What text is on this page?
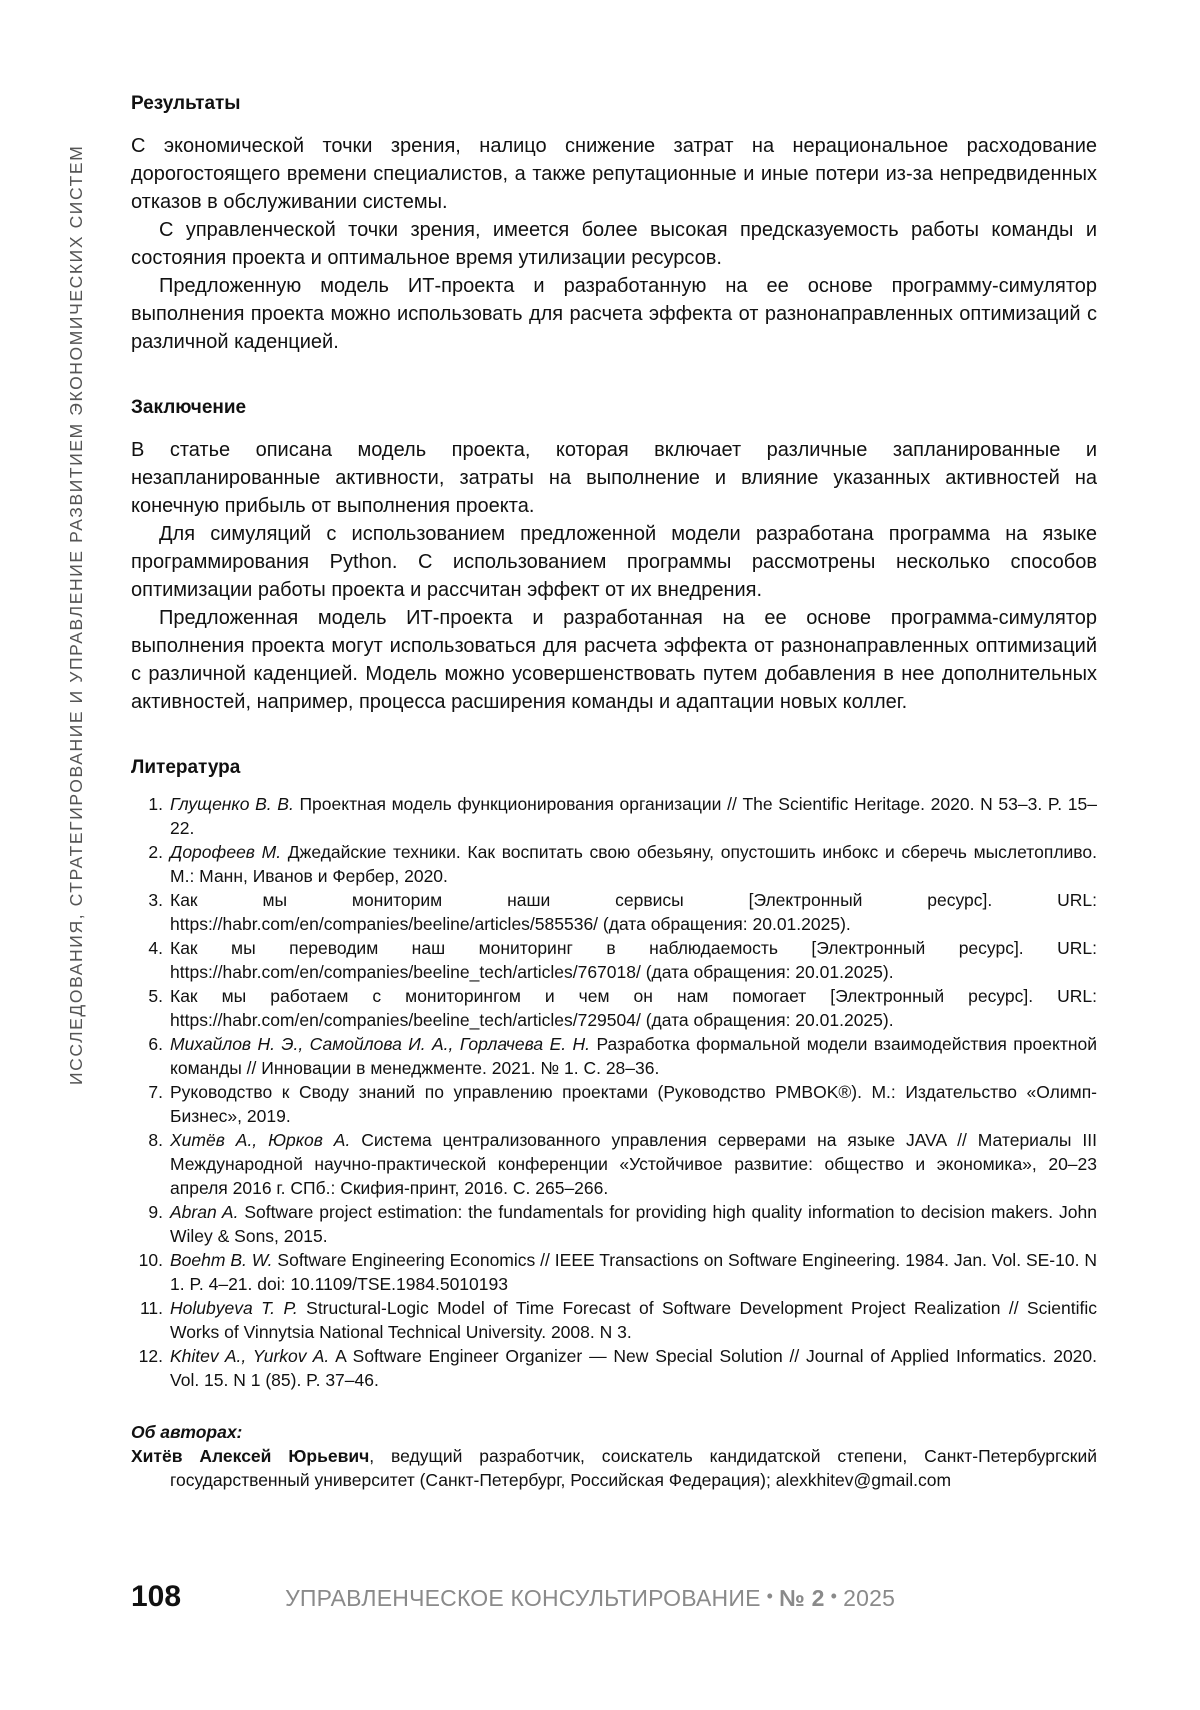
ИССЛЕДОВАНИЯ, СТРАТЕГИРОВАНИЕ И УПРАВЛЕНИЕ РАЗВИТИЕМ ЭКОНОМИЧЕСКИХ СИСТЕМ
Результаты

С экономической точки зрения, налицо снижение затрат на нерациональное расходование дорогостоящего времени специалистов, а также репутационные и иные потери из-за непредвиденных отказов в обслуживании системы.

С управленческой точки зрения, имеется более высокая предсказуемость работы команды и состояния проекта и оптимальное время утилизации ресурсов.

Предложенную модель ИТ-проекта и разработанную на ее основе программу-симулятор выполнения проекта можно использовать для расчета эффекта от разнонаправленных оптимизаций с различной каденцией.

Заключение

В статье описана модель проекта, которая включает различные запланированные и незапланированные активности, затраты на выполнение и влияние указанных активностей на конечную прибыль от выполнения проекта.

Для симуляций с использованием предложенной модели разработана программа на языке программирования Python. С использованием программы рассмотрены несколько способов оптимизации работы проекта и рассчитан эффект от их внедрения.

Предложенная модель ИТ-проекта и разработанная на ее основе программа-симулятор выполнения проекта могут использоваться для расчета эффекта от разнонаправленных оптимизаций с различной каденцией. Модель можно усовершенствовать путем добавления в нее дополнительных активностей, например, процесса расширения команды и адаптации новых коллег.

Литература
1. Глущенко В. В. Проектная модель функционирования организации // The Scientific Heritage. 2020. N 53–3. P. 15–22.
2. Дорофеев М. Джедайские техники. Как воспитать свою обезьяну, опустошить инбокс и сберечь мыслетопливо. М.: Манн, Иванов и Фербер, 2020.
3. Как мы мониторим наши сервисы [Электронный ресурс]. URL: https://habr.com/en/companies/beeline/articles/585536/ (дата обращения: 20.01.2025).
4. Как мы переводим наш мониторинг в наблюдаемость [Электронный ресурс]. URL: https://habr.com/en/companies/beeline_tech/articles/767018/ (дата обращения: 20.01.2025).
5. Как мы работаем с мониторингом и чем он нам помогает [Электронный ресурс]. URL: https://habr.com/en/companies/beeline_tech/articles/729504/ (дата обращения: 20.01.2025).
6. Михайлов Н. Э., Самойлова И. А., Горлачева Е. Н. Разработка формальной модели взаимодействия проектной команды // Инновации в менеджменте. 2021. № 1. С. 28–36.
7. Руководство к Своду знаний по управлению проектами (Руководство PMBOK®). М.: Издательство «Олимп-Бизнес», 2019.
8. Хитёв А., Юрков А. Система централизованного управления серверами на языке JAVA // Материалы III Международной научно-практической конференции «Устойчивое развитие: общество и экономика», 20–23 апреля 2016 г. СПб.: Скифия-принт, 2016. С. 265–266.
9. Abran A. Software project estimation: the fundamentals for providing high quality information to decision makers. John Wiley & Sons, 2015.
10. Boehm B. W. Software Engineering Economics // IEEE Transactions on Software Engineering. 1984. Jan. Vol. SE-10. N 1. P. 4–21. doi: 10.1109/TSE.1984.5010193
11. Holubyeva T. P. Structural-Logic Model of Time Forecast of Software Development Project Realization // Scientific Works of Vinnytsia National Technical University. 2008. N 3.
12. Khitev A., Yurkov A. A Software Engineer Organizer — New Special Solution // Journal of Applied Informatics. 2020. Vol. 15. N 1 (85). P. 37–46.
Об авторах:
Хитёв Алексей Юрьевич, ведущий разработчик, соискатель кандидатской степени, Санкт-Петербургский государственный университет (Санкт-Петербург, Российская Федерация); alexkhitev@gmail.com
108	УПРАВЛЕНЧЕСКОЕ КОНСУЛЬТИРОВАНИЕ • № 2 • 2025
